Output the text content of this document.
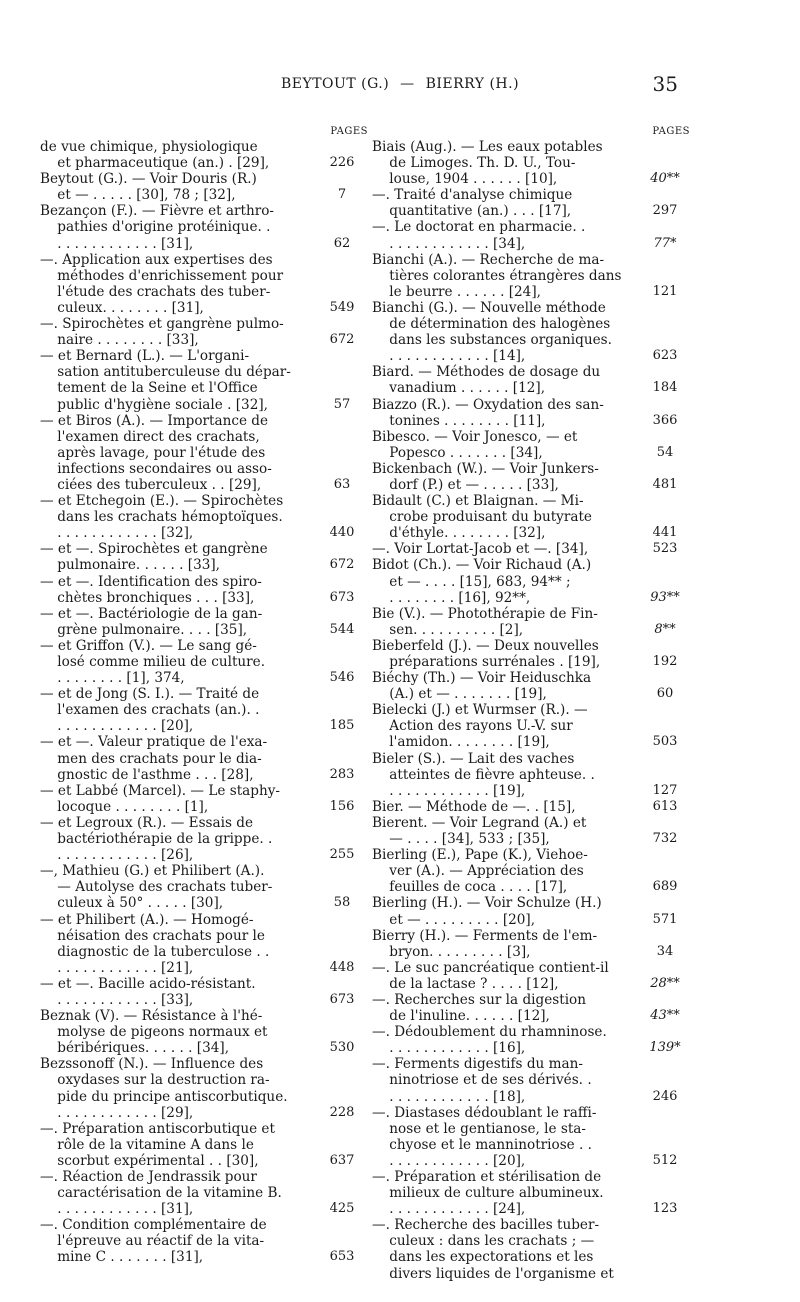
BEYTOUT (G.) — BIERRY (H.)	35
PAGES
de vue chimique, physiologique
et pharmaceutique (an.) . [29],	226
Beytout (G.). — Voir Douris (R.)
et — . . . . . [30], 78 ; [32],	7
Bezançon (F.). — Fièvre et arthro-
pathies d'origine protéinique. .
. . . . . . . . . . . . [31],	62
—. Application aux expertises des
méthodes d'enrichissement pour
l'étude des crachats des tuber-
culeux. . . . . . . . [31],	549
—. Spirochètes et gangrène pulmo-
naire . . . . . . . . [33],	672
— et Bernard (L.). — L'organi-
sation antituberculeuse du dépar-
tement de la Seine et l'Office
public d'hygiène sociale . [32],	57
— et Biros (A.). — Importance de
l'examen direct des crachats,
après lavage, pour l'étude des
infections secondaires ou asso-
ciées des tuberculeux . . [29],	63
— et Etchegoin (E.). — Spirochètes
dans les crachats hémoptoïques.
. . . . . . . . . . . . [32],	440
— et —. Spirochètes et gangrène
pulmonaire. . . . . . [33],	672
— et —. Identification des spiro-
chètes bronchiques . . . [33],	673
— et —. Bactériologie de la gan-
grène pulmonaire. . . . [35],	544
— et Griffon (V.). — Le sang gé-
losé comme milieu de culture.
. . . . . . . . [1], 374,	546
— et de Jong (S. I.). — Traité de
l'examen des crachats (an.). .
. . . . . . . . . . . . [20],	185
— et —. Valeur pratique de l'exa-
men des crachats pour le dia-
gnostic de l'asthme . . . [28],	283
— et Labbé (Marcel). — Le staphy-
locoque . . . . . . . . [1],	156
— et Legroux (R.). — Essais de
bactériothérapie de la grippe. .
. . . . . . . . . . . . [26],	255
—, Mathieu (G.) et Philibert (A.).
— Autolyse des crachats tuber-
culeux à 50° . . . . . [30],	58
— et Philibert (A.). — Homogé-
néisation des crachats pour le
diagnostic de la tuberculose . .
. . . . . . . . . . . . [21],	448
— et —. Bacille acido-résistant.
. . . . . . . . . . . . [33],	673
Beznak (V). — Résistance à l'hé-
molyse de pigeons normaux et
béribériques. . . . . . [34],	530
Bezssonoff (N.). — Influence des
oxydases sur la destruction ra-
pide du principe antiscorbutique.
. . . . . . . . . . . . [29],	228
—. Préparation antiscorbutique et
rôle de la vitamine A dans le
scorbut expérimental . . [30],	637
—. Réaction de Jendrassik pour
caractérisation de la vitamine B.
. . . . . . . . . . . . [31],	425
—. Condition complémentaire de
l'épreuve au réactif de la vita-
mine C . . . . . . . [31],	653
PAGES
Biais (Aug.). — Les eaux potables
de Limoges. Th. D. U., Tou-
louse, 1904 . . . . . . [10],	40**
—. Traité d'analyse chimique
quantitative (an.) . . . [17],	297
—. Le doctorat en pharmacie. .
. . . . . . . . . . . . [34],	77*
Bianchi (A.). — Recherche de ma-
tières colorantes étrangères dans
le beurre . . . . . . [24],	121
Bianchi (G.). — Nouvelle méthode
de détermination des halogènes
dans les substances organiques.
. . . . . . . . . . . . [14],	623
Biard. — Méthodes de dosage du
vanadium . . . . . . [12],	184
Biazzo (R.). — Oxydation des san-
tonines . . . . . . . . [11],	366
Bibesco. — Voir Jonesco, — et
Popesco . . . . . . . [34],	54
Bickenbach (W.). — Voir Junkers-
dorf (P.) et — . . . . . [33],	481
Bidault (C.) et Blaignan. — Mi-
crobe produisant du butyrate
d'éthyle. . . . . . . . [32],	441
—. Voir Lortat-Jacob et —. [34],	523
Bidot (Ch.). — Voir Richaud (A.)
et — . . . . [15], 683, 94** ;
. . . . . . . . [16], 92**,	93**
Bie (V.). — Photothérapie de Fin-
sen. . . . . . . . . . [2],	8**
Bieberfeld (J.). — Deux nouvelles
préparations surrénales . [19],	192
Biéchy (Th.) — Voir Heiduschka
(A.) et — . . . . . . . [19],	60
Bielecki (J.) et Wurmser (R.). —
Action des rayons U.-V. sur
l'amidon. . . . . . . . [19],	503
Bieler (S.). — Lait des vaches
atteintes de fièvre aphteuse. .
. . . . . . . . . . . . [19],	127
Bier. — Méthode de —. . [15],	613
Bierent. — Voir Legrand (A.) et
— . . . . [34], 533 ; [35],	732
Bierling (E.), Pape (K.), Viehoe-
ver (A.). — Appréciation des
feuilles de coca . . . . [17],	689
Bierling (H.). — Voir Schulze (H.)
et — . . . . . . . . . [20],	571
Bierry (H.). — Ferments de l'em-
bryon. . . . . . . . . [3],	34
—. Le suc pancréatique contient-il
de la lactase ? . . . . [12],	28**
—. Recherches sur la digestion
de l'inuline. . . . . . [12],	43**
—. Dédoublement du rhamninose.
. . . . . . . . . . . . [16],	139*
—. Ferments digestifs du man-
ninotriose et de ses dérivés. .
. . . . . . . . . . . . [18],	246
—. Diastases dédoublant le raffi-
nose et le gentianose, le sta-
chyose et le manninotriose . .
. . . . . . . . . . . . [20],	512
—. Préparation et stérilisation de
milieux de culture albumineux.
. . . . . . . . . . . . [24],	123
—. Recherche des bacilles tuber-
culeux : dans les crachats ; —
dans les expectorations et les
divers liquides de l'organisme et
